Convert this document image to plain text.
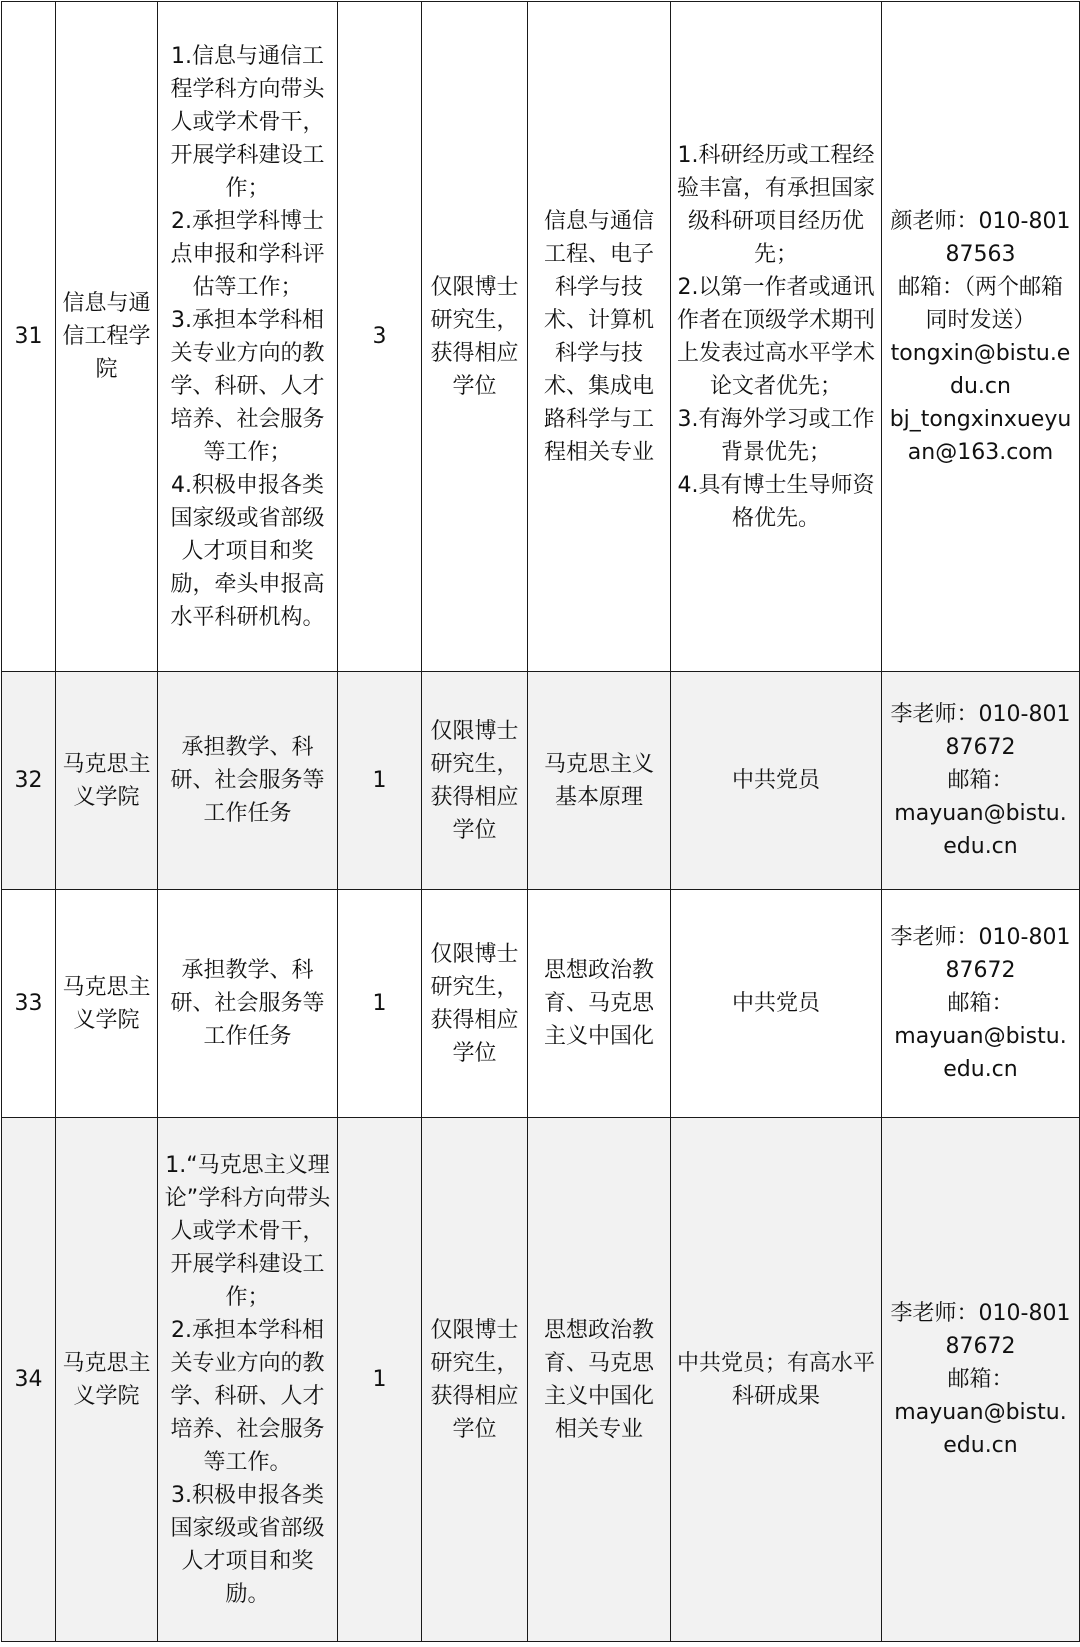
31	信息与通信工程学院	1.信息与通信工程学科方向带头人或学术骨干，开展学科建设工作；
2.承担学科博士点申报和学科评估等工作；
3.承担本学科相关专业方向的教学、科研、人才培养、社会服务等工作；
4.积极申报各类国家级或省部级人才项目和奖励，牵头申报高水平科研机构。	3	仅限博士研究生，获得相应学位	信息与通信工程、电子科学与技术、计算机科学与技术、集成电路科学与工程相关专业	1.科研经历或工程经验丰富，有承担国家级科研项目经历优先；
2.以第一作者或通讯作者在顶级学术期刊上发表过高水平学术论文者优先；
3.有海外学习或工作背景优先；
4.具有博士生导师资格优先。	颜老师：010-80187563
邮箱：（两个邮箱同时发送）
tongxin@bistu.edu.cn
bj_tongxinxueyuan@163.com
32	马克思主义学院	承担教学、科研、社会服务等工作任务	1	仅限博士研究生，获得相应学位	马克思主义基本原理	中共党员	李老师：010-80187672
邮箱：
mayuan@bistu.edu.cn
33	马克思主义学院	承担教学、科研、社会服务等工作任务	1	仅限博士研究生，获得相应学位	思想政治教育、马克思主义中国化	中共党员	李老师：010-80187672
邮箱：
mayuan@bistu.edu.cn
34	马克思主义学院	1.“马克思主义理论”学科方向带头人或学术骨干，开展学科建设工作；
2.承担本学科相关专业方向的教学、科研、人才培养、社会服务等工作。
3.积极申报各类国家级或省部级人才项目和奖励。	1	仅限博士研究生，获得相应学位	思想政治教育、马克思主义中国化相关专业	中共党员；有高水平科研成果	李老师：010-80187672
邮箱：
mayuan@bistu.edu.cn
